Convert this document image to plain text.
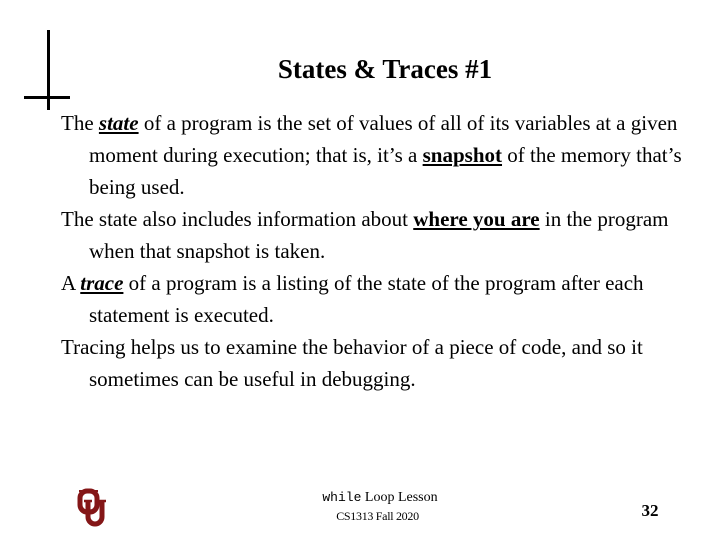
States & Traces #1

The state of a program is the set of values of all of its variables at a given moment during execution; that is, it’s a snapshot of the memory that’s being used.

The state also includes information about where you are in the program when that snapshot is taken.

A trace of a program is a listing of the state of the program after each statement is executed.

Tracing helps us to examine the behavior of a piece of code, and so it sometimes can be useful in debugging.

while Loop Lesson
CS1313 Fall 2020	32
